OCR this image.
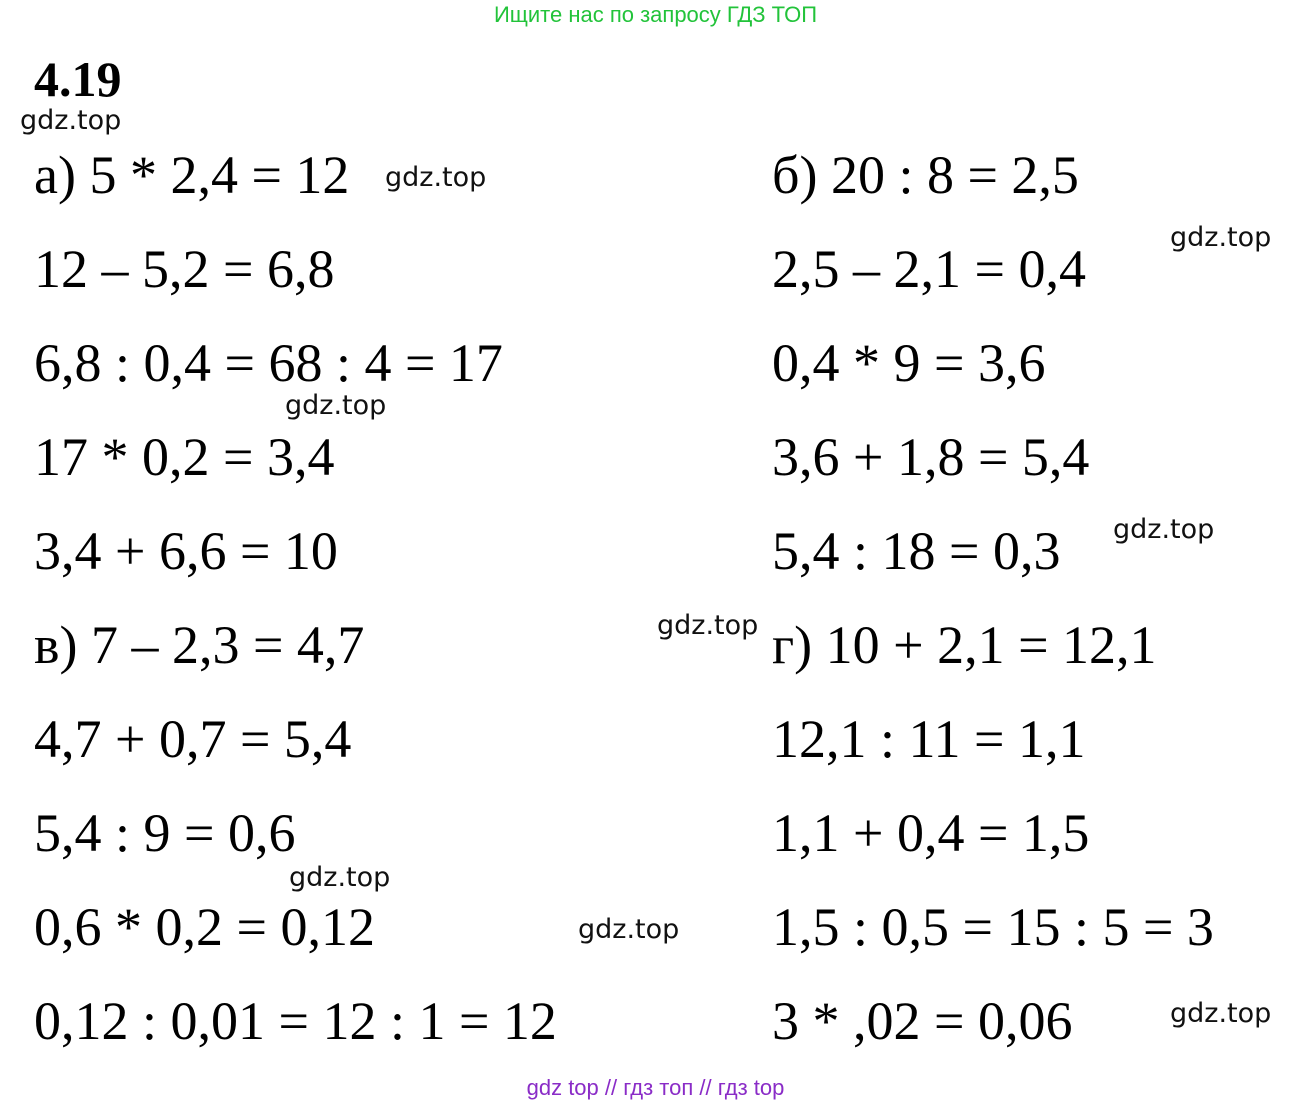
Ищите нас по запросу ГДЗ ТОП
4.19
а) 5 * 2,4 = 12
12 – 5,2 = 6,8
6,8 : 0,4 = 68 : 4 = 17
17 * 0,2 = 3,4
3,4 + 6,6 = 10
б) 20 : 8 = 2,5
2,5 – 2,1 = 0,4
0,4 * 9 = 3,6
3,6 + 1,8 = 5,4
5,4 : 18 = 0,3
в) 7 – 2,3 = 4,7
4,7 + 0,7 = 5,4
5,4 : 9 = 0,6
0,6 * 0,2 = 0,12
0,12 : 0,01 = 12 : 1 = 12
г) 10 + 2,1 = 12,1
12,1 : 11 = 1,1
1,1 + 0,4 = 1,5
1,5 : 0,5 = 15 : 5 = 3
3 * ,02 = 0,06
gdz.top
gdz.top
gdz.top
gdz.top
gdz.top
gdz.top
gdz.top
gdz.top
gdz.top
gdz top // гдз топ // гдз top
